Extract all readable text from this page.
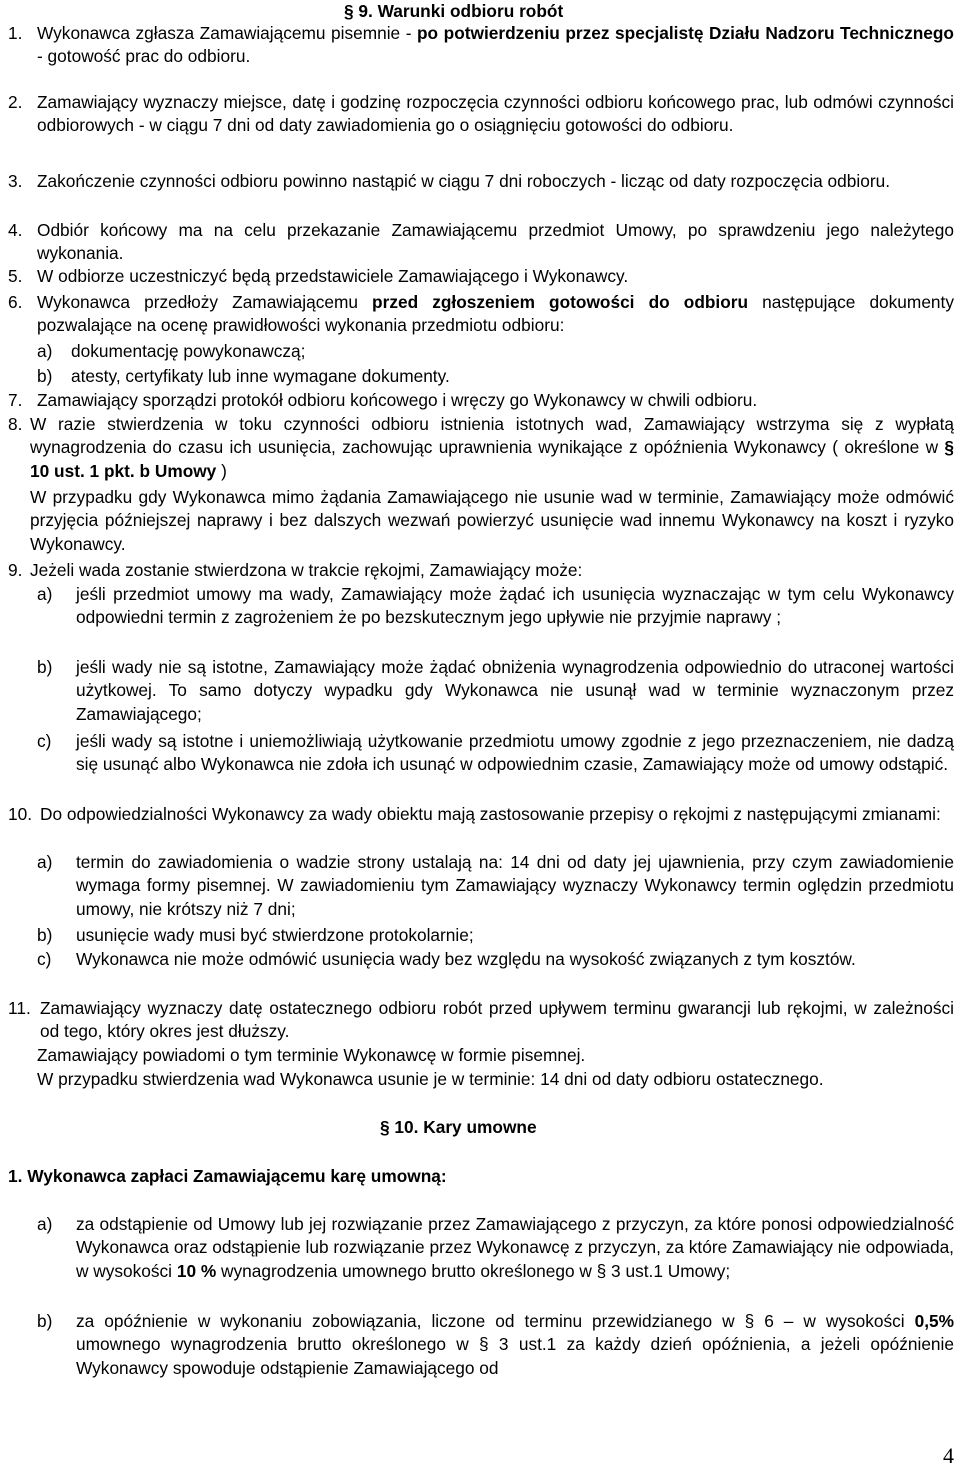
§ 9. Warunki odbioru robót
1. Wykonawca zgłasza Zamawiającemu pisemnie - po potwierdzeniu przez specjalistę Działu Nadzoru Technicznego - gotowość prac do odbioru.
2. Zamawiający wyznaczy miejsce, datę i godzinę rozpoczęcia czynności odbioru końcowego prac, lub odmówi czynności odbiorowych - w ciągu 7 dni od daty zawiadomienia go o osiągnięciu gotowości do odbioru.
3. Zakończenie czynności odbioru powinno nastąpić w ciągu 7 dni roboczych - licząc od daty rozpoczęcia odbioru.
4. Odbiór końcowy ma na celu przekazanie Zamawiającemu przedmiot Umowy, po sprawdzeniu jego należytego wykonania.
5. W odbiorze uczestniczyć będą przedstawiciele Zamawiającego i Wykonawcy.
6. Wykonawca przedłoży Zamawiającemu przed zgłoszeniem gotowości do odbioru następujące dokumenty pozwalające na ocenę prawidłowości wykonania przedmiotu odbioru:
a) dokumentację powykonawczą;
b) atesty, certyfikaty lub inne wymagane dokumenty.
7. Zamawiający sporządzi protokół odbioru końcowego i wręczy go Wykonawcy w chwili odbioru.
8. W razie stwierdzenia w toku czynności odbioru istnienia istotnych wad, Zamawiający wstrzyma się z wypłatą wynagrodzenia do czasu ich usunięcia, zachowując uprawnienia wynikające z opóźnienia Wykonawcy ( określone w § 10 ust. 1 pkt. b Umowy )
W przypadku gdy Wykonawca mimo żądania Zamawiającego nie usunie wad w terminie, Zamawiający może odmówić przyjęcia późniejszej naprawy i bez dalszych wezwań powierzyć usunięcie wad innemu Wykonawcy na koszt i ryzyko Wykonawcy.
9. Jeżeli wada zostanie stwierdzona w trakcie rękojmi, Zamawiający może:
a) jeśli przedmiot umowy ma wady, Zamawiający może żądać ich usunięcia wyznaczając w tym celu Wykonawcy odpowiedni termin z zagrożeniem że po bezskutecznym jego upływie nie przyjmie naprawy ;
b) jeśli wady nie są istotne, Zamawiający może żądać obniżenia wynagrodzenia odpowiednio do utraconej wartości użytkowej. To samo dotyczy wypadku gdy Wykonawca nie usunął wad w terminie wyznaczonym przez Zamawiającego;
c) jeśli wady są istotne i uniemożliwiają użytkowanie przedmiotu umowy zgodnie z jego przeznaczeniem, nie dadzą się usunąć albo Wykonawca nie zdoła ich usunąć w odpowiednim czasie, Zamawiający może od umowy odstąpić.
10. Do odpowiedzialności Wykonawcy za wady obiektu mają zastosowanie przepisy o rękojmi z następującymi zmianami:
a) termin do zawiadomienia o wadzie strony ustalają na: 14 dni od daty jej ujawnienia, przy czym zawiadomienie wymaga formy pisemnej. W zawiadomieniu tym Zamawiający wyznaczy Wykonawcy termin oględzin przedmiotu umowy, nie krótszy niż 7 dni;
b) usunięcie wady musi być stwierdzone protokolarnie;
c) Wykonawca nie może odmówić usunięcia wady bez względu na wysokość związanych z tym kosztów.
11. Zamawiający wyznaczy datę ostatecznego odbioru robót przed upływem terminu gwarancji lub rękojmi, w zależności od tego, który okres jest dłuższy.
Zamawiający powiadomi o tym terminie Wykonawcę w formie pisemnej.
W przypadku stwierdzenia wad Wykonawca usunie je w terminie: 14 dni od daty odbioru ostatecznego.
§ 10. Kary umowne
1. Wykonawca zapłaci Zamawiającemu karę umowną:
a) za odstąpienie od Umowy lub jej rozwiązanie przez Zamawiającego z przyczyn, za które ponosi odpowiedzialność Wykonawca oraz odstąpienie lub rozwiązanie przez Wykonawcę z przyczyn, za które Zamawiający nie odpowiada, w wysokości 10 % wynagrodzenia umownego brutto określonego w § 3 ust.1 Umowy;
b) za opóźnienie w wykonaniu zobowiązania, liczone od terminu przewidzianego w § 6 – w wysokości 0,5% umownego wynagrodzenia brutto określonego w § 3 ust.1 za każdy dzień opóźnienia, a jeżeli opóźnienie Wykonawcy spowoduje odstąpienie Zamawiającego od
4
